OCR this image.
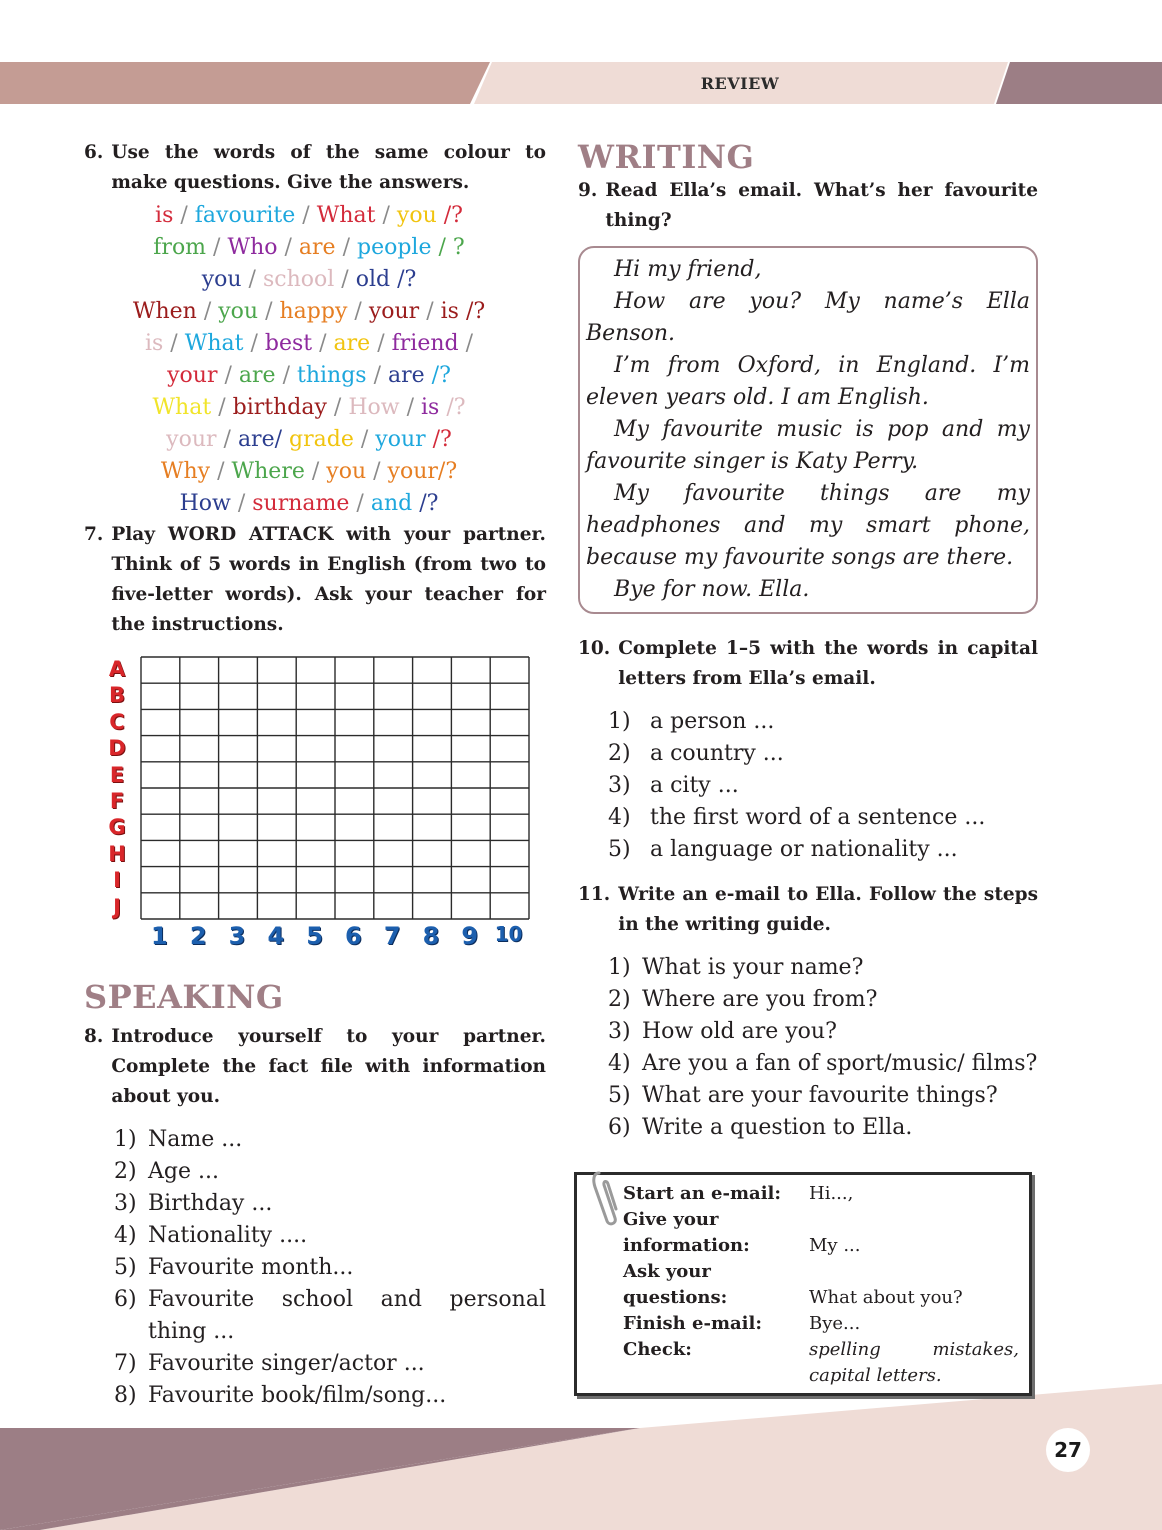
REVIEW
27
6. Use the words of the same colour to make questions. Give the answers.
is / favourite / What / you /?
from / Who / are / people / ?
you / school / old /?
When / you / happy / your / is /?
is / What / best / are / friend /
your / are / things / are /?
What / birthday / How / is /?
your / are/ grade / your /?
Why / Where / you / your/?
How / surname / and /?
7. Play WORD ATTACK with your partner. Think of 5 words in English (from two to five-letter words). Ask your teacher for the instructions.
A
B
C
D
E
F
G
H
I
J
1 2 3 4 5 6 7 8 9 10
SPEAKING
8. Introduce yourself to your partner. Complete the fact file with information about you.
1) Name ...
2) Age ...
3) Birthday ...
4) Nationality ....
5) Favourite month...
6) Favourite school and personal thing ...
7) Favourite singer/actor ...
8) Favourite book/film/song...
WRITING
9. Read Ella’s email. What’s her favourite thing?

Hi my friend,

How are you? My name’s Ella Benson.

I’m from Oxford, in England. I’m eleven years old. I am English.

My favourite music is pop and my favourite singer is Katy Perry.

My favourite things are my headphones and my smart phone, because my favourite songs are there.

Bye for now. Ella.

10. Complete 1–5 with the words in capital letters from Ella’s email.
1) a person ...
2) a country ...
3) a city ...
4) the first word of a sentence ...
5) a language or nationality ...
11. Write an e-mail to Ella. Follow the steps in the writing guide.
1) What is your name?
2) Where are you from?
3) How old are you?
4) Are you a fan of sport/music/ films?
5) What are your favourite things?
6) Write a question to Ella.
Start an e-mail:	Hi...,
Give your
information:	My ...
Ask your
questions:	What about you?
Finish e-mail:	Bye...
Check:	spelling mistakes,
capital letters.
